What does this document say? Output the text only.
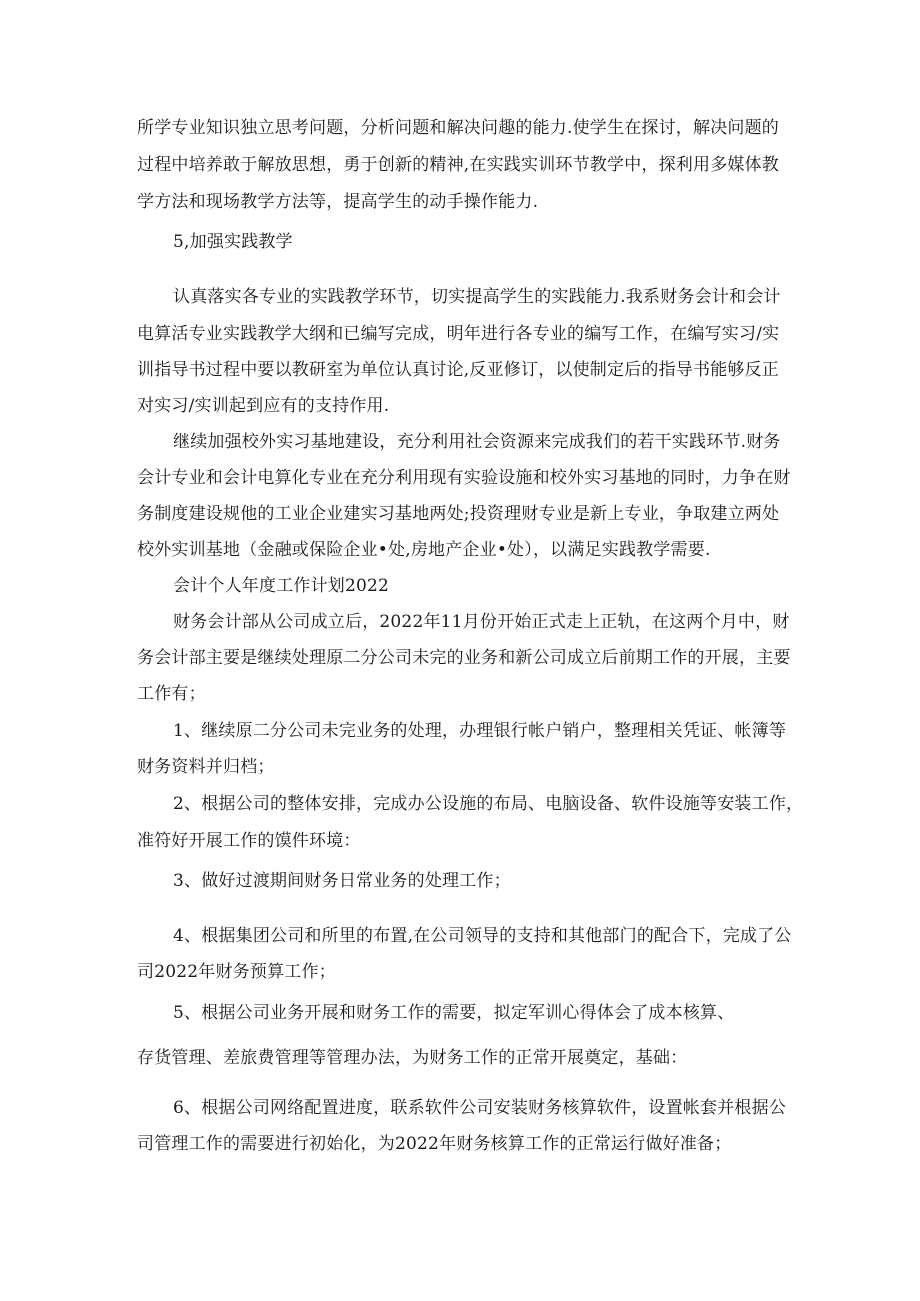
所学专业知识独立思考问题，分析问题和解决问趣的能力.使学生在探讨，解决问题的
过程中培养敢于解放思想，勇于创新的精神,在实践实训环节教学中，探利用多媒体教
学方法和现场教学方法等，提高学生的动手操作能力.
5,加强实践教学
认真落实各专业的实践教学环节，切实提高学生的实践能力.我系财务会计和会计
电算活专业实践教学大纲和已编写完成，明年进行各专业的编写工作，在编写实习/实
训指导书过程中要以教研室为单位认真讨论,反亚修订，以使制定后的指导书能够反正
对实习/实训起到应有的支持作用.
继续加强校外实习基地建设，充分利用社会资源来完成我们的若干实践环节.财务
会计专业和会计电算化专业在充分利用现有实验设施和校外实习基地的同时，力争在财
务制度建设规他的工业企业建实习基地两处;投资理财专业是新上专业，争取建立两处
校外实训基地（金融或保险企业•处,房地产企业•处），以满足实践教学需要.
会计个人年度工作计划2022
财务会计部从公司成立后，2022年11月份开始正式走上正轨，在这两个月中，财
务会计部主要是继续处理原二分公司未完的业务和新公司成立后前期工作的开展，主要
工作有；
1、继续原二分公司未完业务的处理，办理银行帐户销户，整理相关凭证、帐簿等
财务资料并归档；
2、根据公司的整体安排，完成办公设施的布局、电脑设备、软件设施等安装工作，
准符好开展工作的馍件环境：
3、做好过渡期间财务日常业务的处理工作；
4、根据集团公司和所里的布置,在公司领导的支持和其他部门的配合下，完成了公
司2022年财务预算工作；
5、根据公司业务开展和财务工作的需要，拟定军训心得体会了成本核算、
存货管理、差旅费管理等管理办法，为财务工作的正常开展奠定，基础：
6、根据公司网络配置进度，联系软件公司安装财务核算软件，设置帐套并根据公
司管理工作的需要进行初始化，为2022年财务核算工作的正常运行做好准备；
